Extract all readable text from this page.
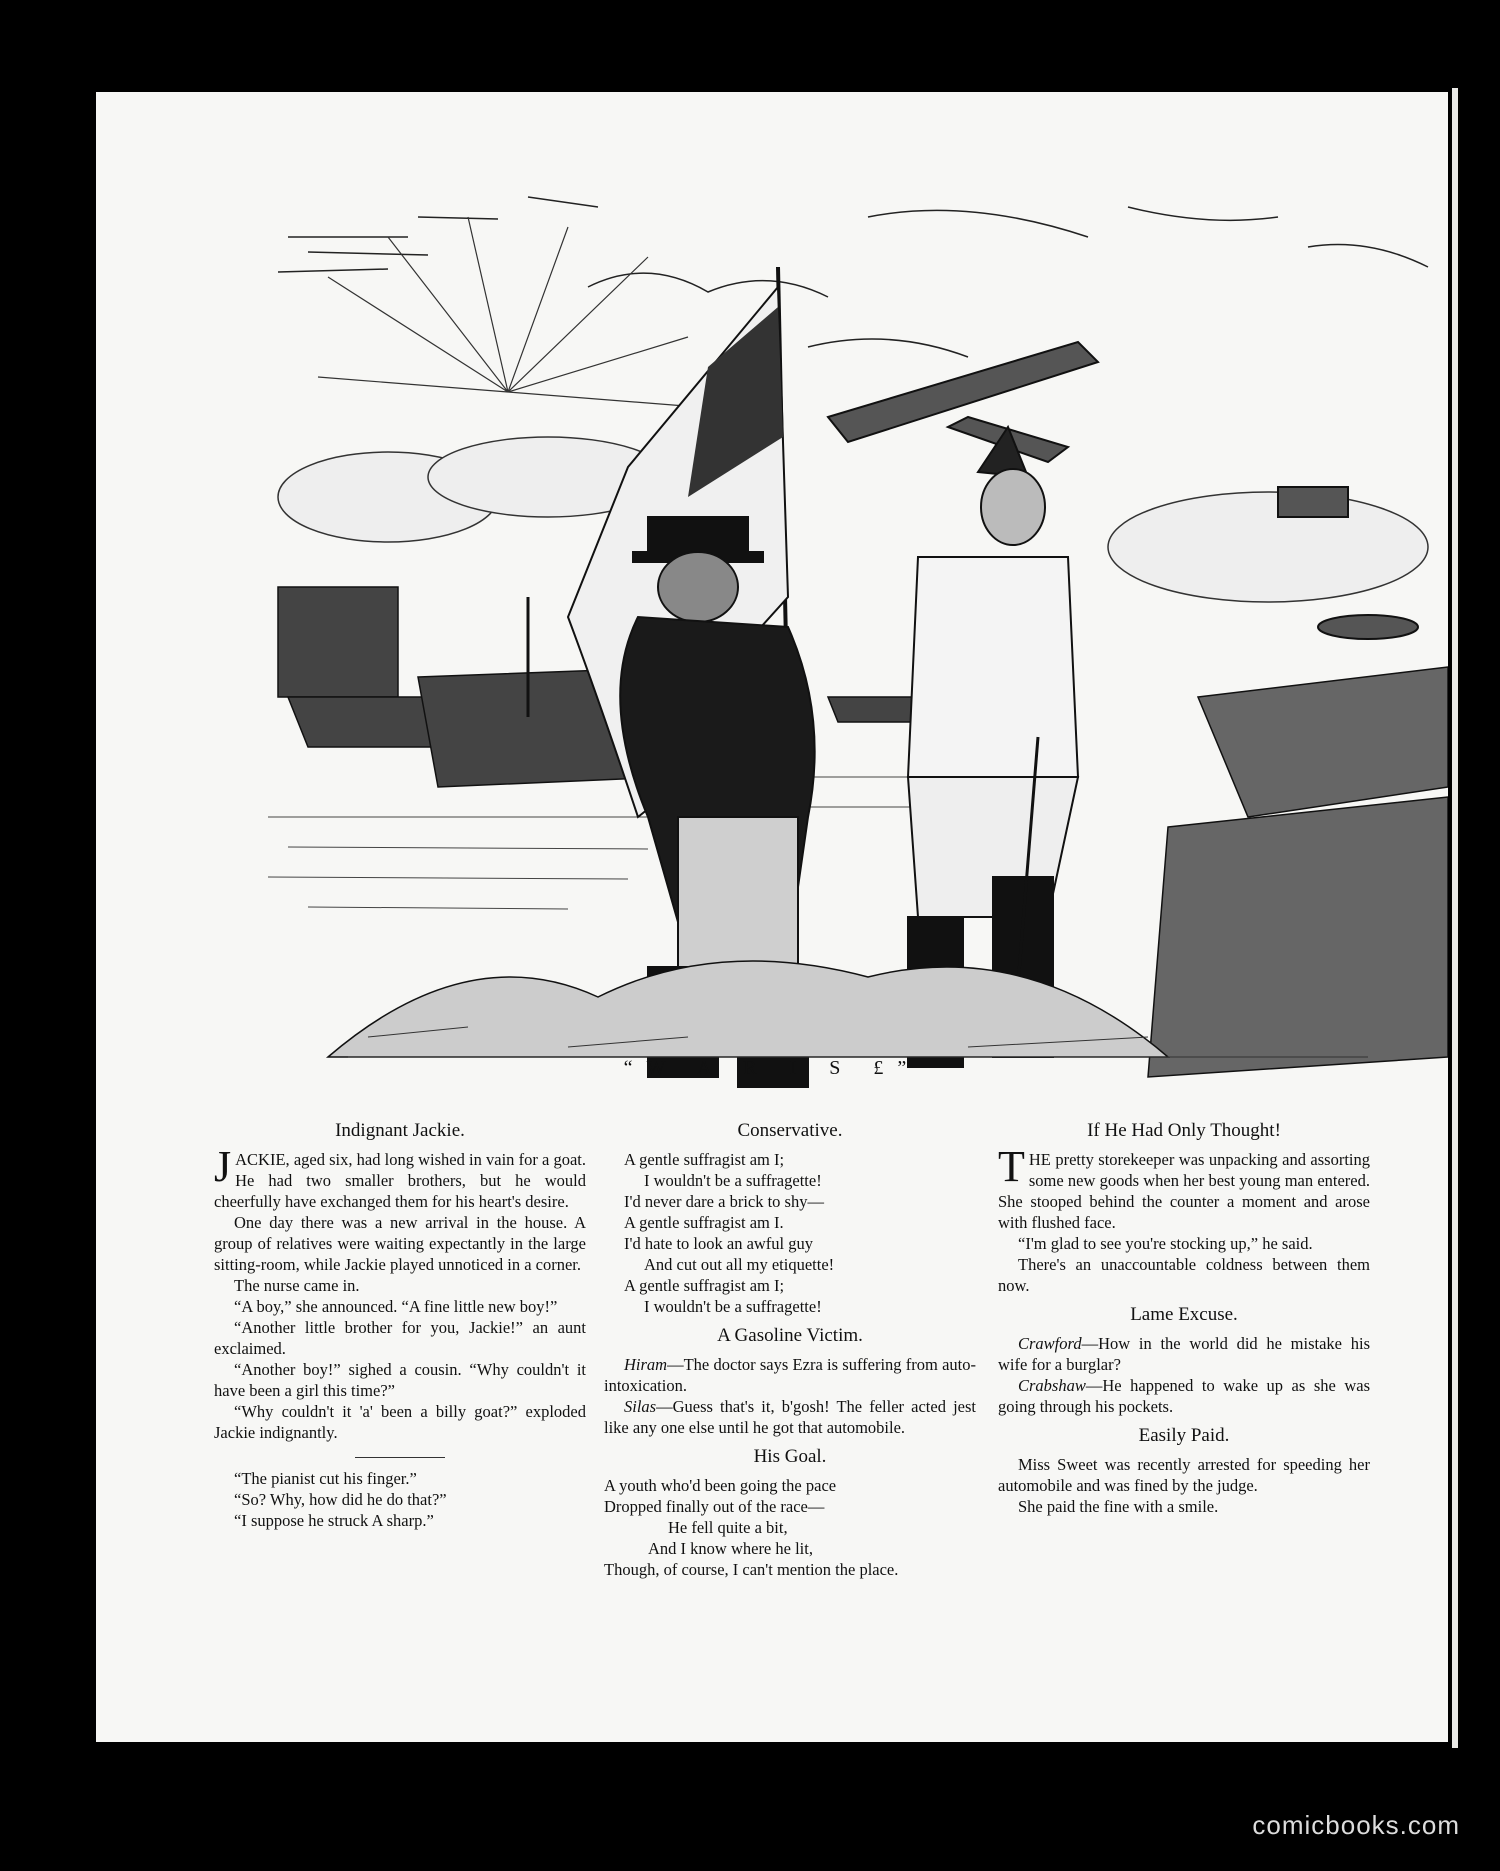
“W A R I S £”
Indignant Jackie.

JACKIE, aged six, had long wished in vain for a goat. He had two smaller brothers, but he would cheerfully have exchanged them for his heart's desire.

One day there was a new arrival in the house. A group of relatives were waiting expectantly in the large sitting-room, while Jackie played unnoticed in a corner.

The nurse came in.

“A boy,” she announced. “A fine little new boy!”

“Another little brother for you, Jackie!” an aunt exclaimed.

“Another boy!” sighed a cousin. “Why couldn't it have been a girl this time?”

“Why couldn't it 'a' been a billy goat?” exploded Jackie indignantly.

“The pianist cut his finger.”

“So? Why, how did he do that?”

“I suppose he struck A sharp.”

Conservative.

A gentle suffragist am I;

I wouldn't be a suffragette!

I'd never dare a brick to shy—

A gentle suffragist am I.

I'd hate to look an awful guy

And cut out all my etiquette!

A gentle suffragist am I;

I wouldn't be a suffragette!

A Gasoline Victim.

Hiram—The doctor says Ezra is suffering from auto-intoxication.

Silas—Guess that's it, b'gosh! The feller acted jest like any one else until he got that automobile.

His Goal.

A youth who'd been going the pace

Dropped finally out of the race—

He fell quite a bit,

And I know where he lit,

Though, of course, I can't mention the place.

If He Had Only Thought!

THE pretty storekeeper was unpacking and assorting some new goods when her best young man entered. She stooped behind the counter a moment and arose with flushed face.

“I'm glad to see you're stocking up,” he said.

There's an unaccountable coldness between them now.

Lame Excuse.

Crawford—How in the world did he mistake his wife for a burglar?

Crabshaw—He happened to wake up as she was going through his pockets.

Easily Paid.

Miss Sweet was recently arrested for speeding her automobile and was fined by the judge.

She paid the fine with a smile.

comicbooks.com
